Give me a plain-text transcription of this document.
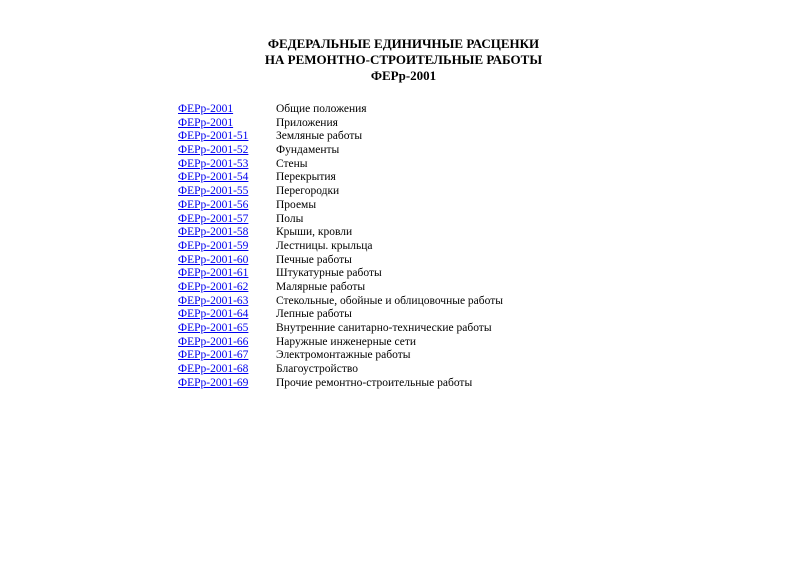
ФЕДЕРАЛЬНЫЕ ЕДИНИЧНЫЕ РАСЦЕНКИ
НА РЕМОНТНО-СТРОИТЕЛЬНЫЕ РАБОТЫ
ФЕРр-2001
ФЕРр-2001	Общие положения
ФЕРр-2001	Приложения
ФЕРр-2001-51	Земляные работы
ФЕРр-2001-52	Фундаменты
ФЕРр-2001-53	Стены
ФЕРр-2001-54	Перекрытия
ФЕРр-2001-55	Перегородки
ФЕРр-2001-56	Проемы
ФЕРр-2001-57	Полы
ФЕРр-2001-58	Крыши, кровли
ФЕРр-2001-59	Лестницы. крыльца
ФЕРр-2001-60	Печные работы
ФЕРр-2001-61	Штукатурные работы
ФЕРр-2001-62	Малярные работы
ФЕРр-2001-63	Стекольные, обойные и облицовочные работы
ФЕРр-2001-64	Лепные работы
ФЕРр-2001-65	Внутренние санитарно-технические работы
ФЕРр-2001-66	Наружные инженерные сети
ФЕРр-2001-67	Электромонтажные работы
ФЕРр-2001-68	Благоустройство
ФЕРр-2001-69	Прочие ремонтно-строительные работы
